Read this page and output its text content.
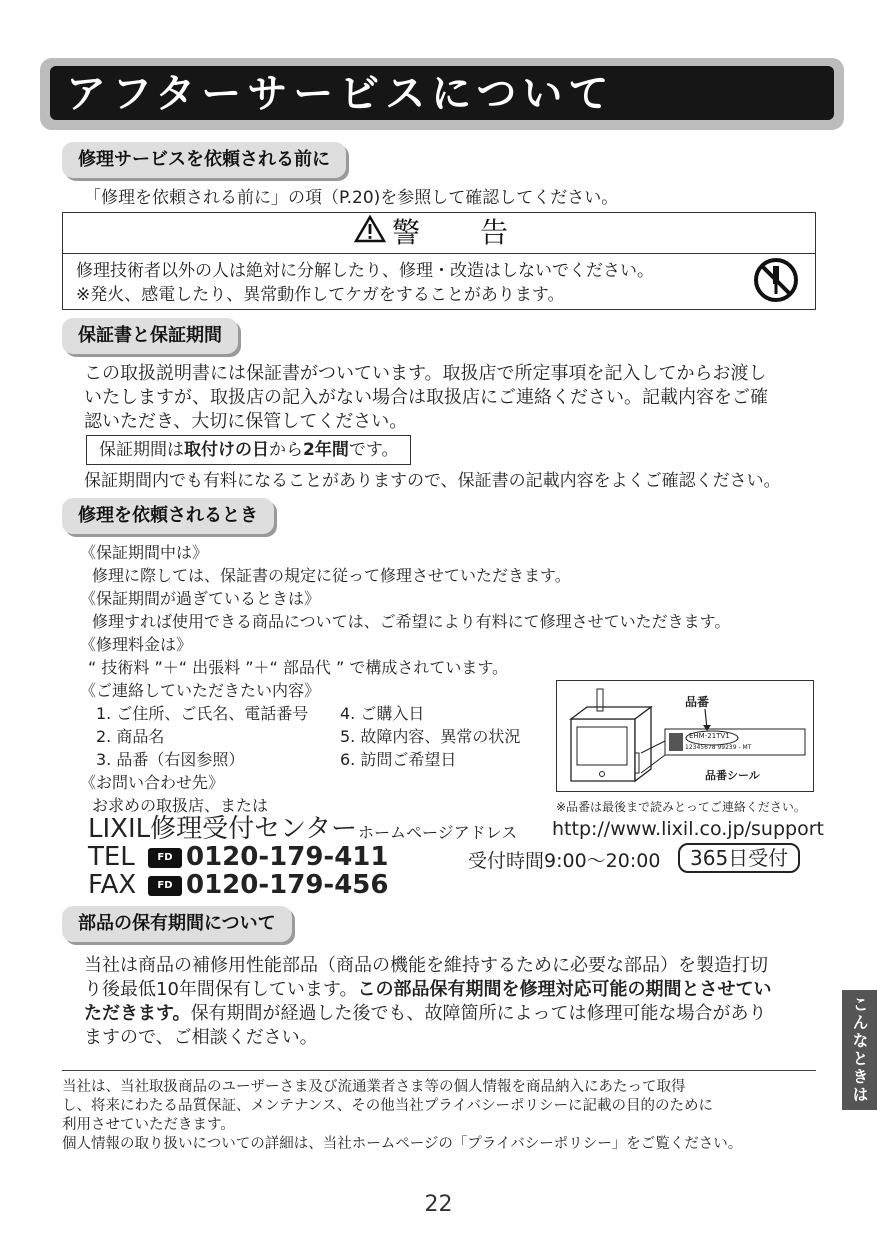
アフターサービスについて
修理サービスを依頼される前に
「修理を依頼される前に」の項（P.20)を参照して確認してください。
警　告
修理技術者以外の人は絶対に分解したり、修理・改造はしないでください。
※発火、感電したり、異常動作してケガをすることがあります。
保証書と保証期間
この取扱説明書には保証書がついています。取扱店で所定事項を記入してからお渡し
いたしますが、取扱店の記入がない場合は取扱店にご連絡ください。記載内容をご確
認いただき、大切に保管してください。
保証期間は取付けの日から2年間です。
保証期間内でも有料になることがありますので、保証書の記載内容をよくご確認ください。
修理を依頼されるとき
《保証期間中は》
修理に際しては、保証書の規定に従って修理させていただきます。
《保証期間が過ぎているときは》
修理すれば使用できる商品については、ご希望により有料にて修理させていただきます。
《修理料金は》
“ 技術料 ”＋“ 出張料 ”＋“ 部品代 ” で構成されています。
《ご連絡していただきたい内容》
1. ご住所、ご氏名、電話番号
2. 商品名
3. 品番（右図参照）
4. ご購入日
5. 故障内容、異常の状況
6. 訪問ご希望日
《お問い合わせ先》
お求めの取扱店、または
品番
EHM-21TV1
12345678 99239 - MT
品番シール
※品番は最後まで読みとってご連絡ください。
LIXIL修理受付センター ホームページアドレス http://www.lixil.co.jp/support
TEL	FD 0120-179-411	受付時間9:00〜20:00	365日受付
FAX	FD 0120-179-456
部品の保有期間について
当社は商品の補修用性能部品（商品の機能を維持するために必要な部品）を製造打切
り後最低10年間保有しています。この部品保有期間を修理対応可能の期間とさせてい
ただきます。保有期間が経過した後でも、故障箇所によっては修理可能な場合があり
ますので、ご相談ください。	こんなときは
当社は、当社取扱商品のユーザーさま及び流通業者さま等の個人情報を商品納入にあたって取得
し、将来にわたる品質保証、メンテナンス、その他当社プライバシーポリシーに記載の目的のために
利用させていただきます。
個人情報の取り扱いについての詳細は、当社ホームページの「プライバシーポリシー」をご覧ください。
22
